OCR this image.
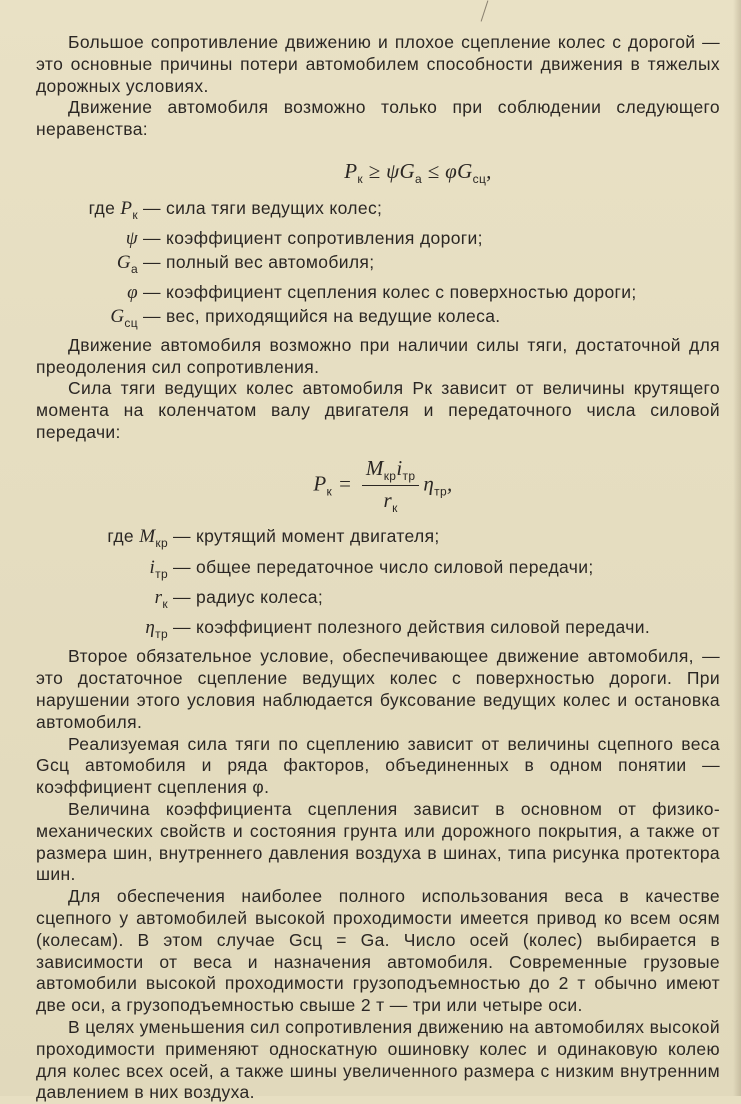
Большое сопротивление движению и плохое сцепление колес с дорогой — это основные причины потери автомобилем способности движения в тяжелых дорожных условиях.

Движение автомобиля возможно только при соблюдении следующего неравенства:

$P_к \ge \psi G_а \le \varphi G_{сц}$,
где $P_к$ — сила тяги ведущих колес;
ψ — коэффициент сопротивления дороги;
$G_а$ — полный вес автомобиля;
φ — коэффициент сцепления колес с поверхностью дороги;
$G_{сц}$ — вес, приходящийся на ведущие колеса.

Движение автомобиля возможно при наличии силы тяги, достаточной для преодоления сил сопротивления.

Сила тяги ведущих колес автомобиля Pк зависит от величины крутящего момента на коленчатом валу двигателя и передаточного числа силовой передачи:

$P_к = \frac{M_{кр}i_{тр}}{r_к} \eta_{тр}$,
где $M_{кр}$ — крутящий момент двигателя;
$i_{тр}$ — общее передаточное число силовой передачи;
$r_к$ — радиус колеса;
$\eta_{тр}$ — коэффициент полезного действия силовой передачи.

Второе обязательное условие, обеспечивающее движение автомобиля, — это достаточное сцепление ведущих колес с поверхностью дороги. При нарушении этого условия наблюдается буксование ведущих колес и остановка автомобиля.

Реализуемая сила тяги по сцеплению зависит от величины сцепного веса Gсц автомобиля и ряда факторов, объединенных в одном понятии — коэффициент сцепления φ.

Величина коэффициента сцепления зависит в основном от физико-механических свойств и состояния грунта или дорожного покрытия, а также от размера шин, внутреннего давления воздуха в шинах, типа рисунка протектора шин.

Для обеспечения наиболее полного использования веса в качестве сцепного у автомобилей высокой проходимости имеется привод ко всем осям (колесам). В этом случае Gсц = Ga. Число осей (колес) выбирается в зависимости от веса и назначения автомобиля. Современные грузовые автомобили высокой проходимости грузоподъемностью до 2 т обычно имеют две оси, а грузоподъемностью свыше 2 т — три или четыре оси.

В целях уменьшения сил сопротивления движению на автомобилях высокой проходимости применяют односкатную ошиновку колес и одинаковую колею для колес всех осей, а также шины увеличенного размера с низким внутренним давлением в них воздуха.
